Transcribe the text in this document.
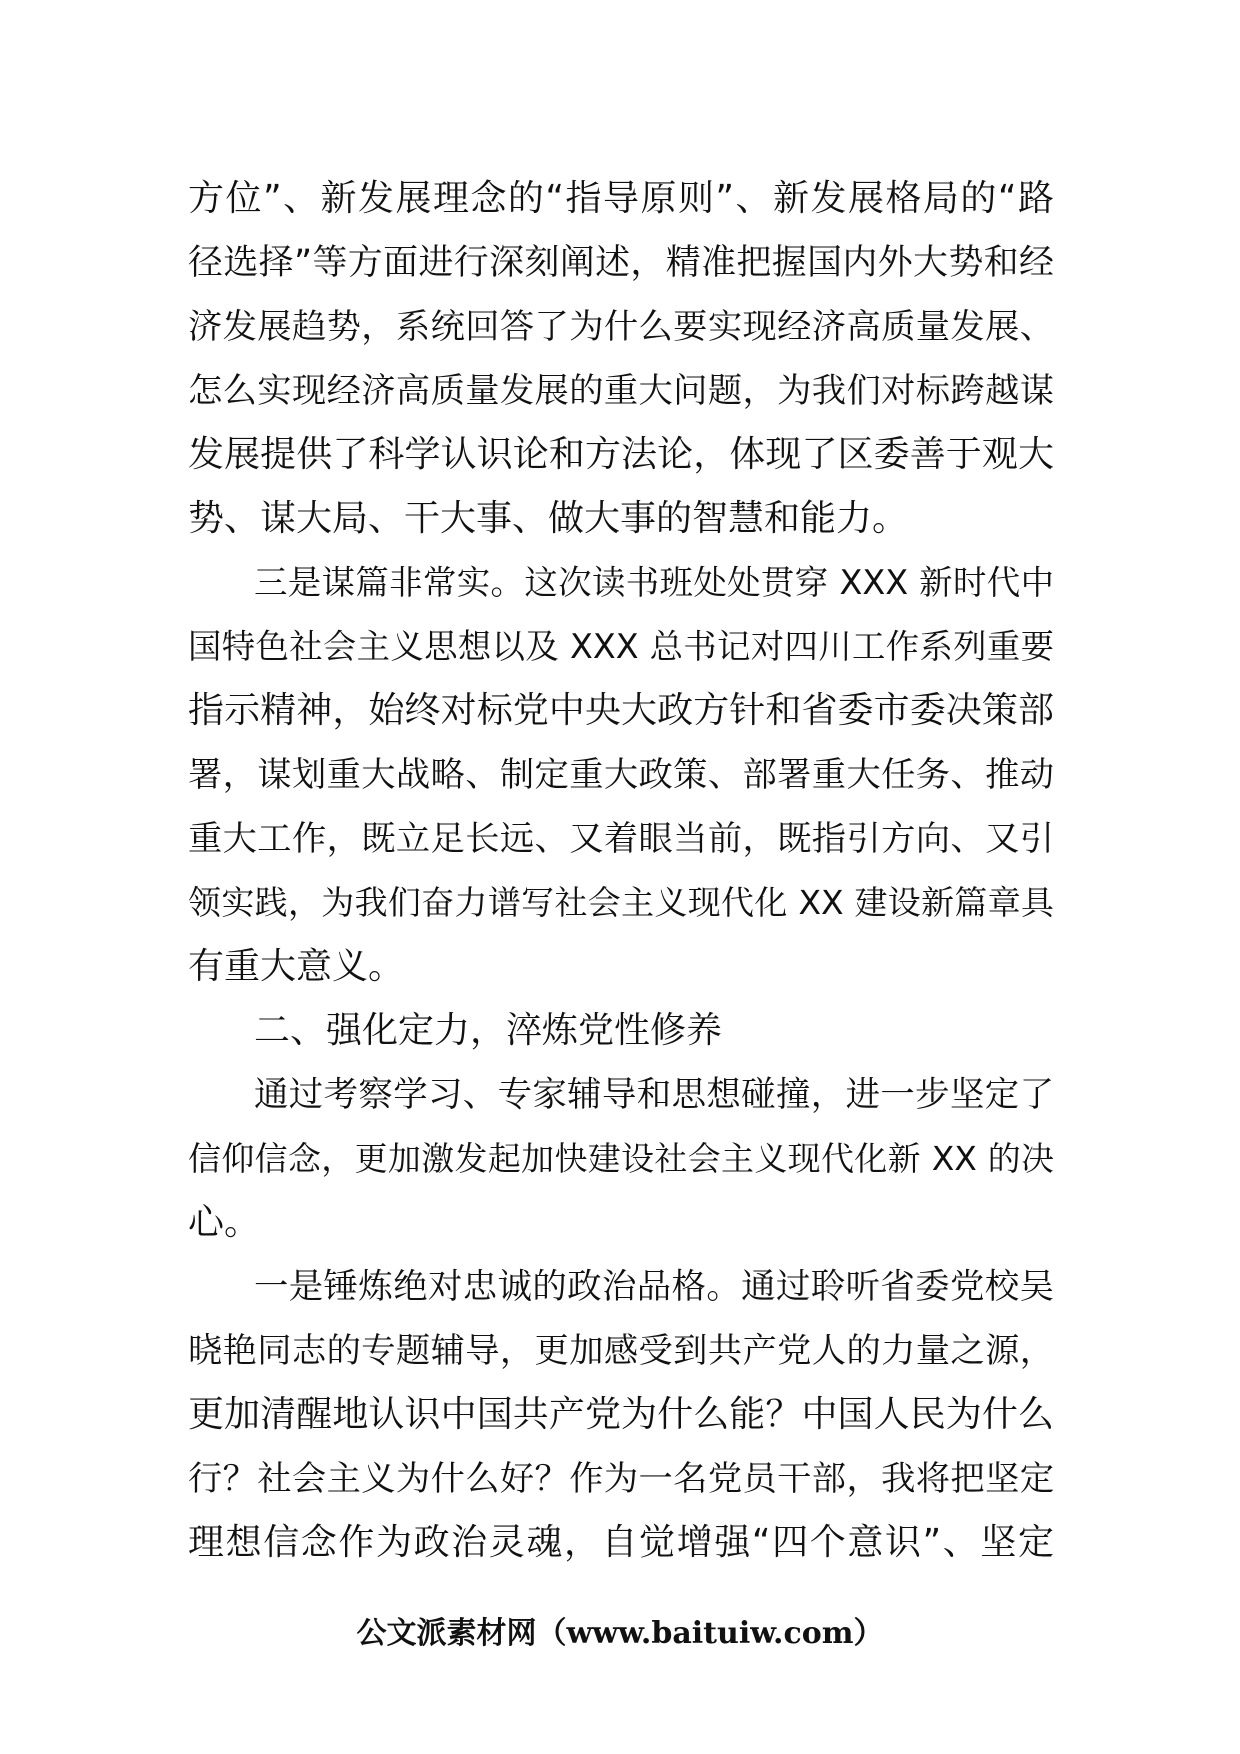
方位”、新发展理念的“指导原则”、新发展格局的“路
径选择”等方面进行深刻阐述，精准把握国内外大势和经
济发展趋势，系统回答了为什么要实现经济高质量发展、
怎么实现经济高质量发展的重大问题，为我们对标跨越谋
发展提供了科学认识论和方法论，体现了区委善于观大
势、谋大局、干大事、做大事的智慧和能力。
三是谋篇非常实。这次读书班处处贯穿 XXX 新时代中
国特色社会主义思想以及 XXX 总书记对四川工作系列重要
指示精神，始终对标党中央大政方针和省委市委决策部
署，谋划重大战略、制定重大政策、部署重大任务、推动
重大工作，既立足长远、又着眼当前，既指引方向、又引
领实践，为我们奋力谱写社会主义现代化 XX 建设新篇章具
有重大意义。
二、强化定力，淬炼党性修养
通过考察学习、专家辅导和思想碰撞，进一步坚定了
信仰信念，更加激发起加快建设社会主义现代化新 XX 的决
心。
一是锤炼绝对忠诚的政治品格。通过聆听省委党校吴
晓艳同志的专题辅导，更加感受到共产党人的力量之源，
更加清醒地认识中国共产党为什么能？中国人民为什么
行？社会主义为什么好？作为一名党员干部，我将把坚定
理想信念作为政治灵魂，自觉增强“四个意识”、坚定
公文派素材网（www.baituiw.com）
